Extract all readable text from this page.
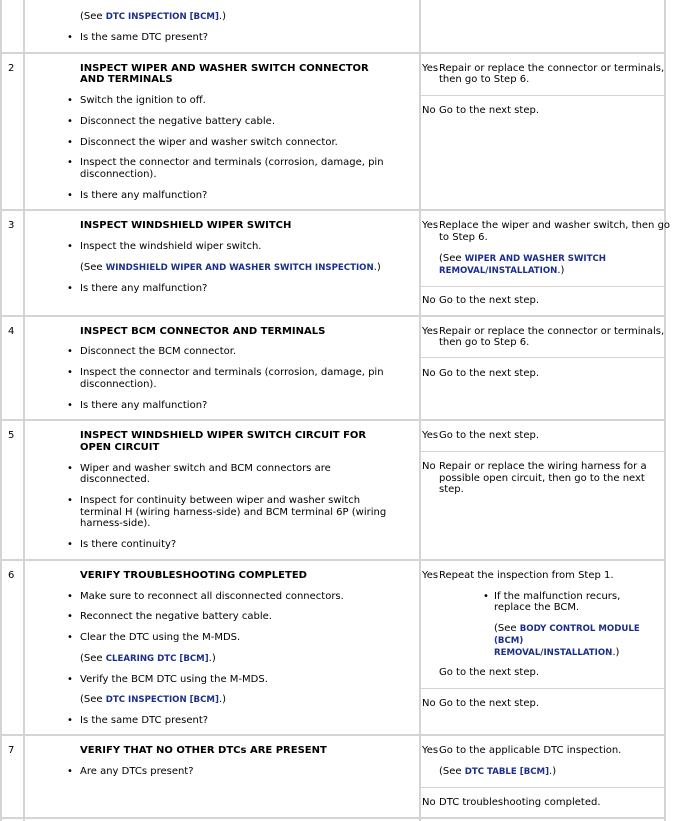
(See DTC INSPECTION [BCM].)
• Is the same DTC present?
2	INSPECT WIPER AND WASHER SWITCH CONNECTOR
AND TERMINALS
• Switch the ignition to off.
• Disconnect the negative battery cable.
• Disconnect the wiper and washer switch connector.
• Inspect the connector and terminals (corrosion, damage, pin
disconnection).
• Is there any malfunction?
Yes Repair or replace the connector or terminals,
then go to Step 6.
No Go to the next step.
3	INSPECT WINDSHIELD WIPER SWITCH
• Inspect the windshield wiper switch.
(See WINDSHIELD WIPER AND WASHER SWITCH INSPECTION.)
• Is there any malfunction?
Yes Replace the wiper and washer switch, then go
to Step 6.
(See WIPER AND WASHER SWITCH
REMOVAL/INSTALLATION.)
No Go to the next step.
4	INSPECT BCM CONNECTOR AND TERMINALS
• Disconnect the BCM connector.
• Inspect the connector and terminals (corrosion, damage, pin
disconnection).
• Is there any malfunction?
Yes Repair or replace the connector or terminals,
then go to Step 6.
No Go to the next step.
5	INSPECT WINDSHIELD WIPER SWITCH CIRCUIT FOR
OPEN CIRCUIT
• Wiper and washer switch and BCM connectors are
disconnected.
• Inspect for continuity between wiper and washer switch
terminal H (wiring harness-side) and BCM terminal 6P (wiring
harness-side).
• Is there continuity?
Yes Go to the next step.
No Repair or replace the wiring harness for a
possible open circuit, then go to the next
step.
6	VERIFY TROUBLESHOOTING COMPLETED
• Make sure to reconnect all disconnected connectors.
• Reconnect the negative battery cable.
• Clear the DTC using the M-MDS.
(See CLEARING DTC [BCM].)
• Verify the BCM DTC using the M-MDS.
(See DTC INSPECTION [BCM].)
• Is the same DTC present?
Yes Repeat the inspection from Step 1.
• If the malfunction recurs,
replace the BCM.
(See BODY CONTROL MODULE
(BCM)
REMOVAL/INSTALLATION.)
Go to the next step.
No Go to the next step.
7	VERIFY THAT NO OTHER DTCs ARE PRESENT
• Are any DTCs present?
Yes Go to the applicable DTC inspection.
(See DTC TABLE [BCM].)
No DTC troubleshooting completed.
